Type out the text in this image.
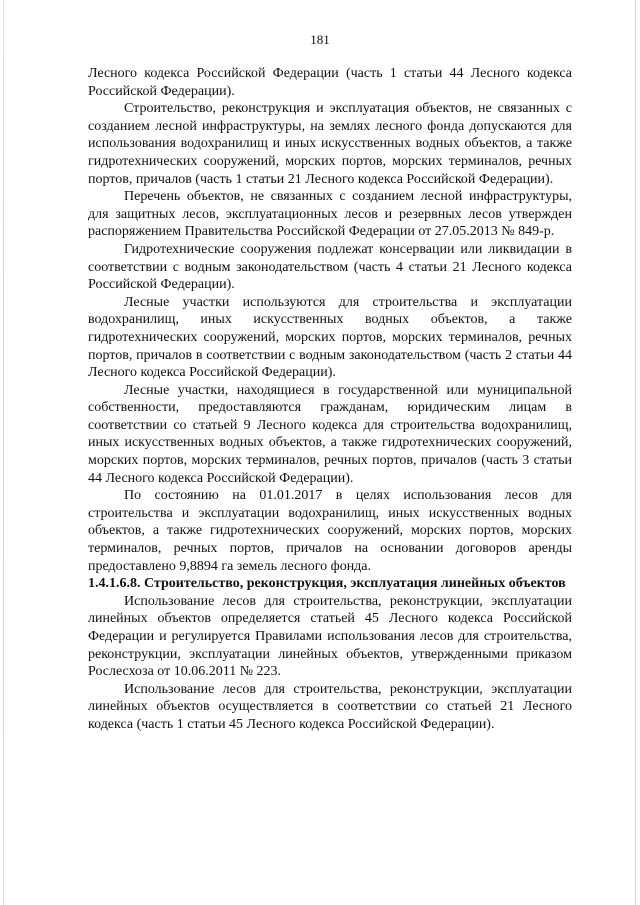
181

Лесного кодекса Российской Федерации (часть 1 статьи 44 Лесного кодекса Российской Федерации).

Строительство, реконструкция и эксплуатация объектов, не связанных с созданием лесной инфраструктуры, на землях лесного фонда допускаются для использования водохранилищ и иных искусственных водных объектов, а также гидротехнических сооружений, морских портов, морских терминалов, речных портов, причалов (часть 1 статьи 21 Лесного кодекса Российской Федерации).

Перечень объектов, не связанных с созданием лесной инфраструктуры, для защитных лесов, эксплуатационных лесов и резервных лесов утвержден распоряжением Правительства Российской Федерации от 27.05.2013 № 849-р.

Гидротехнические сооружения подлежат консервации или ликвидации в соответствии с водным законодательством (часть 4 статьи 21 Лесного кодекса Российской Федерации).

Лесные участки используются для строительства и эксплуатации водохранилищ, иных искусственных водных объектов, а также гидротехнических сооружений, морских портов, морских терминалов, речных портов, причалов в соответствии с водным законодательством (часть 2 статьи 44 Лесного кодекса Российской Федерации).

Лесные участки, находящиеся в государственной или муниципальной собственности, предоставляются гражданам, юридическим лицам в соответствии со статьей 9 Лесного кодекса для строительства водохранилищ, иных искусственных водных объектов, а также гидротехнических сооружений, морских портов, морских терминалов, речных портов, причалов (часть 3 статьи 44 Лесного кодекса Российской Федерации).

По состоянию на 01.01.2017 в целях использования лесов для строительства и эксплуатации водохранилищ, иных искусственных водных объектов, а также гидротехнических сооружений, морских портов, морских терминалов, речных портов, причалов на основании договоров аренды предоставлено 9,8894 га земель лесного фонда.

1.4.1.6.8. Строительство, реконструкция, эксплуатация линейных объектов

Использование лесов для строительства, реконструкции, эксплуатации линейных объектов определяется статьей 45 Лесного кодекса Российской Федерации и регулируется Правилами использования лесов для строительства, реконструкции, эксплуатации линейных объектов, утвержденными приказом Рослесхоза от 10.06.2011 № 223.

Использование лесов для строительства, реконструкции, эксплуатации линейных объектов осуществляется в соответствии со статьей 21 Лесного кодекса (часть 1 статьи 45 Лесного кодекса Российской Федерации).
